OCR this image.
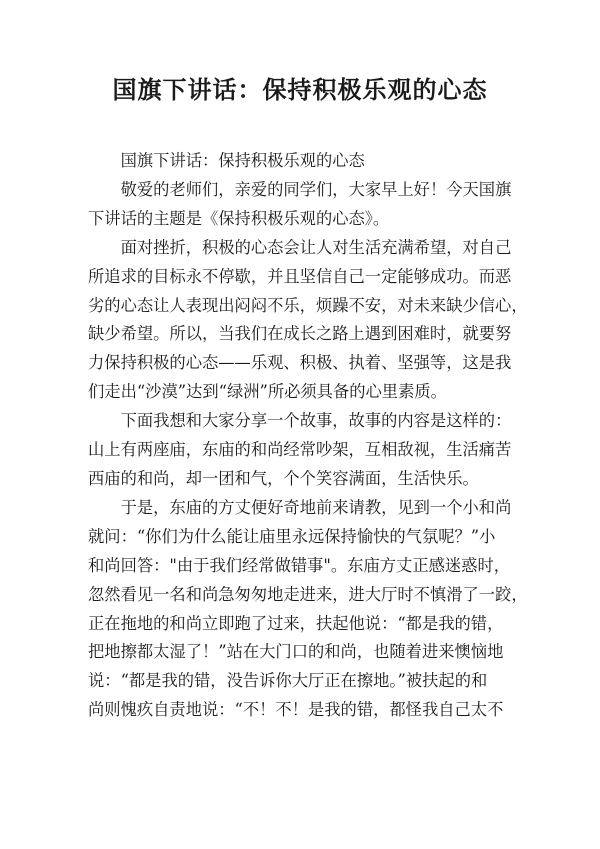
国旗下讲话：保持积极乐观的心态

国旗下讲话：保持积极乐观的心态

敬爱的老师们，亲爱的同学们，大家早上好！今天国旗

下讲话的主题是《保持积极乐观的心态》。

面对挫折，积极的心态会让人对生活充满希望，对自己

所追求的目标永不停歇，并且坚信自己一定能够成功。而恶

劣的心态让人表现出闷闷不乐，烦躁不安，对未来缺少信心，

缺少希望。所以，当我们在成长之路上遇到困难时，就要努

力保持积极的心态——乐观、积极、执着、坚强等，这是我

们走出“沙漠”达到“绿洲”所必须具备的心里素质。

下面我想和大家分享一个故事，故事的内容是这样的：

山上有两座庙，东庙的和尚经常吵架，互相敌视，生活痛苦

西庙的和尚，却一团和气，个个笑容满面，生活快乐。

于是，东庙的方丈便好奇地前来请教，见到一个小和尚

就问：“你们为什么能让庙里永远保持愉快的气氛呢？”小

和尚回答："由于我们经常做错事"。东庙方丈正感迷惑时，

忽然看见一名和尚急匆匆地走进来，进大厅时不慎滑了一跤，

正在拖地的和尚立即跑了过来，扶起他说：“都是我的错，

把地擦都太湿了！”站在大门口的和尚，也随着进来懊恼地

说：“都是我的错，没告诉你大厅正在擦地。”被扶起的和

尚则愧疚自责地说：“不！不！是我的错，都怪我自己太不
